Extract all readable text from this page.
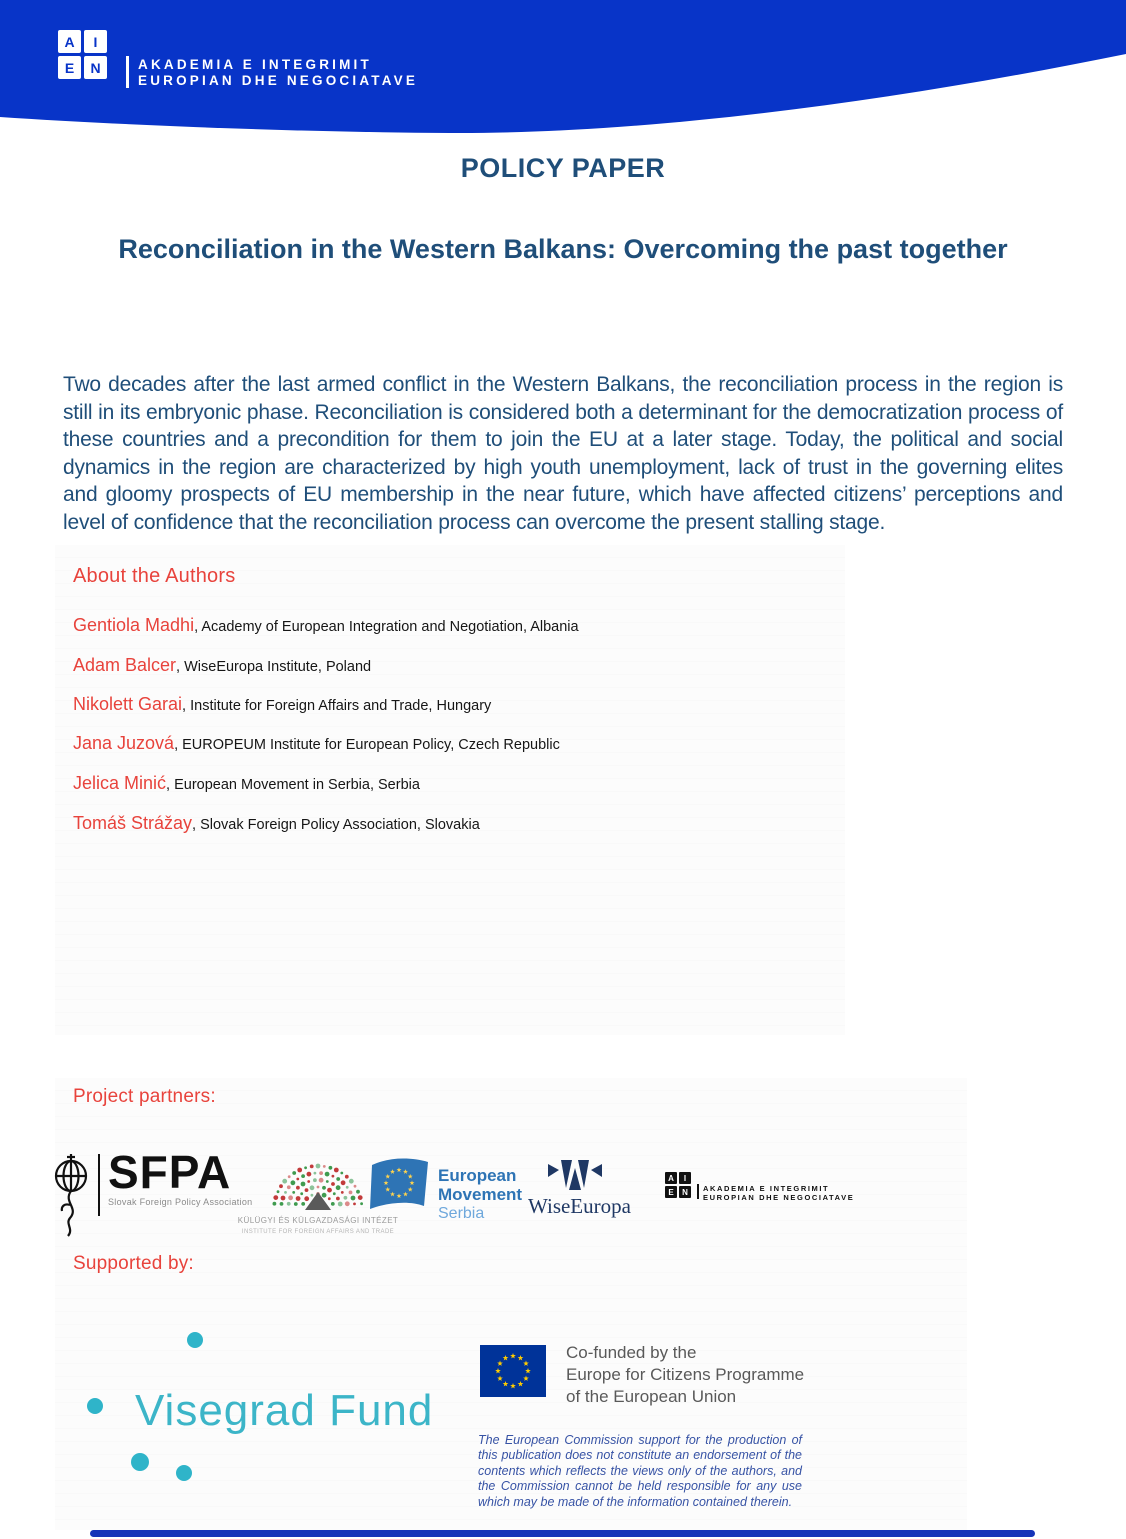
A	I
E	N	AKADEMIA E INTEGRIMIT
EUROPIAN DHE NEGOCIATAVE
POLICY PAPER
Reconciliation in the Western Balkans: Overcoming the past together

Two decades after the last armed conflict in the Western Balkans, the reconciliation process in the region is still in its embryonic phase. Reconciliation is considered both a determinant for the democratization process of these countries and a precondition for them to join the EU at a later stage. Today, the political and social dynamics in the region are characterized by high youth unemployment, lack of trust in the governing elites and gloomy prospects of EU membership in the near future, which have affected citizens’ perceptions and level of confidence that the reconciliation process can overcome the present stalling stage.

About the Authors
Gentiola Madhi, Academy of European Integration and Negotiation, Albania
Adam Balcer, WiseEuropa Institute, Poland
Nikolett Garai, Institute for Foreign Affairs and Trade, Hungary
Jana Juzová, EUROPEUM Institute for European Policy, Czech Republic
Jelica Minić, European Movement in Serbia, Serbia
Tomáš Strážay, Slovak Foreign Policy Association, Slovakia
Project partners:
SFPA
Slovak Foreign Policy Association
KÜLÜGYI ÉS KÜLGAZDASÁGI INTÉZET
INSTITUTE FOR FOREIGN AFFAIRS AND TRADE
European
Movement
Serbia	WiseEuropa
A	I
E	N	AKADEMIA E INTEGRIMIT
EUROPIAN DHE NEGOCIATAVE
Supported by:
Visegrad Fund
Co-funded by the
Europe for Citizens Programme
of the European Union

The European Commission support for the production of this publication does not constitute an endorsement of the contents which reflects the views only of the authors, and the Commission cannot be held responsible for any use which may be made of the information contained therein.
